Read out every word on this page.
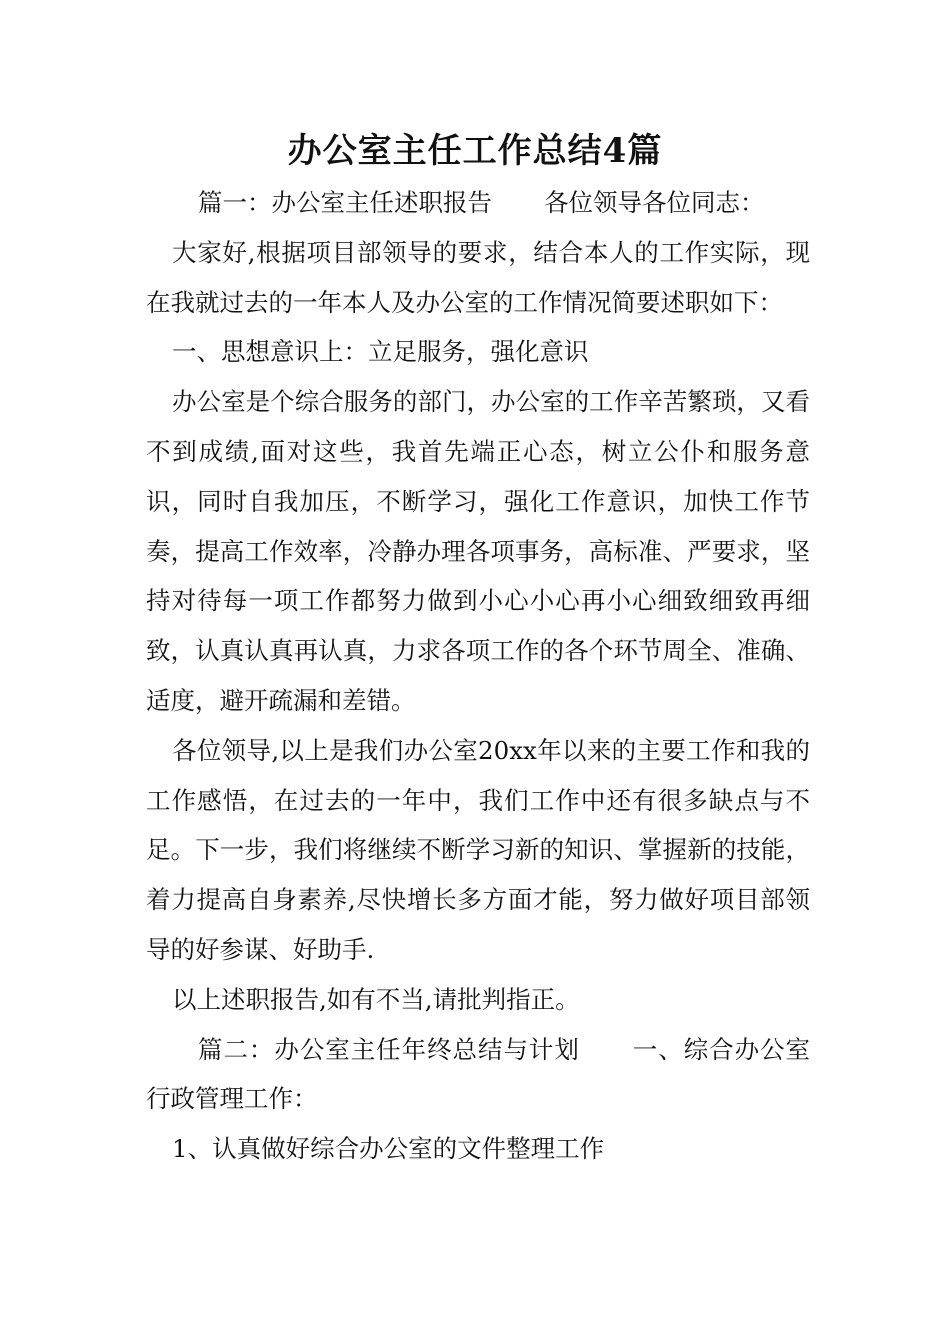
办公室主任工作总结4篇

篇一：办公室主任述职报告 各位领导各位同志：

大家好,根据项目部领导的要求，结合本人的工作实际，现在我就过去的一年本人及办公室的工作情况简要述职如下：

一、思想意识上：立足服务，强化意识

办公室是个综合服务的部门，办公室的工作辛苦繁琐，又看不到成绩,面对这些，我首先端正心态，树立公仆和服务意识，同时自我加压，不断学习，强化工作意识，加快工作节奏，提高工作效率，冷静办理各项事务，高标准、严要求，坚持对待每一项工作都努力做到小心小心再小心细致细致再细致，认真认真再认真，力求各项工作的各个环节周全、准确、适度，避开疏漏和差错。

各位领导,以上是我们办公室20xx年以来的主要工作和我的工作感悟，在过去的一年中，我们工作中还有很多缺点与不足。下一步，我们将继续不断学习新的知识、掌握新的技能，着力提高自身素养,尽快增长多方面才能，努力做好项目部领导的好参谋、好助手.

以上述职报告,如有不当,请批判指正。

篇二：办公室主任年终总结与计划 一、综合办公室行政管理工作：

1、认真做好综合办公室的文件整理工作
